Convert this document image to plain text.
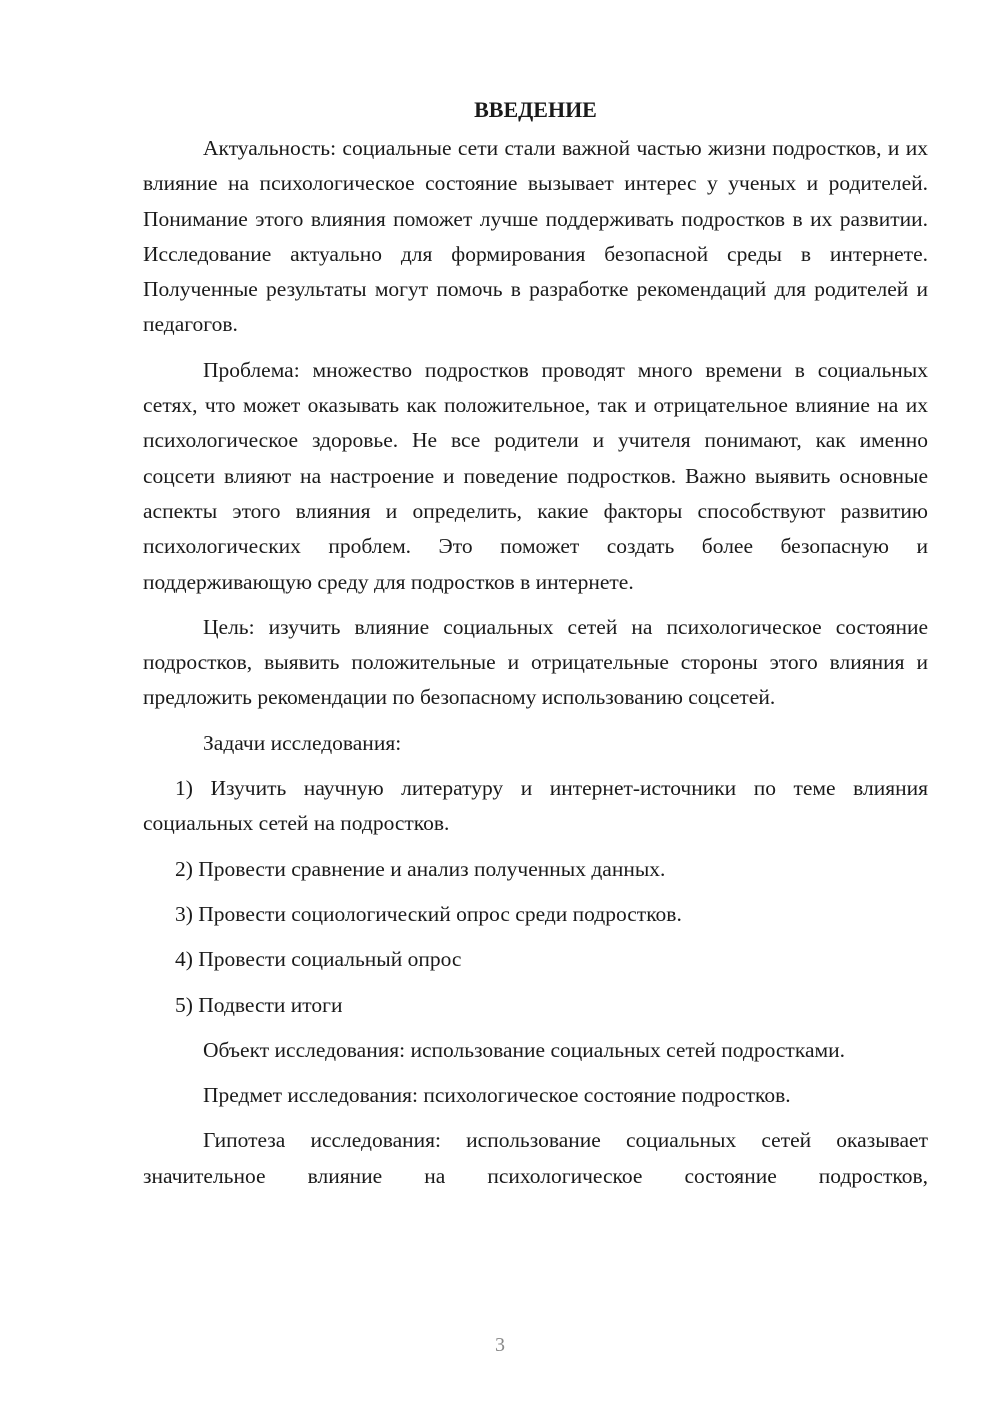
ВВЕДЕНИЕ

Актуальность: социальные сети стали важной частью жизни подростков, и их влияние на психологическое состояние вызывает интерес у ученых и родителей. Понимание этого влияния поможет лучше поддерживать подростков в их развитии. Исследование актуально для формирования безопасной среды в интернете. Полученные результаты могут помочь в разработке рекомендаций для родителей и педагогов.

Проблема: множество подростков проводят много времени в социальных сетях, что может оказывать как положительное, так и отрицательное влияние на их психологическое здоровье. Не все родители и учителя понимают, как именно соцсети влияют на настроение и поведение подростков. Важно выявить основные аспекты этого влияния и определить, какие факторы способствуют развитию психологических проблем. Это поможет создать более безопасную и поддерживающую среду для подростков в интернете.

Цель: изучить влияние социальных сетей на психологическое состояние подростков, выявить положительные и отрицательные стороны этого влияния и предложить рекомендации по безопасному использованию соцсетей.

Задачи исследования:

1) Изучить научную литературу и интернет-источники по теме влияния социальных сетей на подростков.

2) Провести сравнение и анализ полученных данных.

3) Провести социологический опрос среди подростков.

4) Провести социальный опрос

5) Подвести итоги

Объект исследования: использование социальных сетей подростками.

Предмет исследования: психологическое состояние подростков.

Гипотеза исследования: использование социальных сетей оказывает значительное влияние на психологическое состояние подростков,

3
